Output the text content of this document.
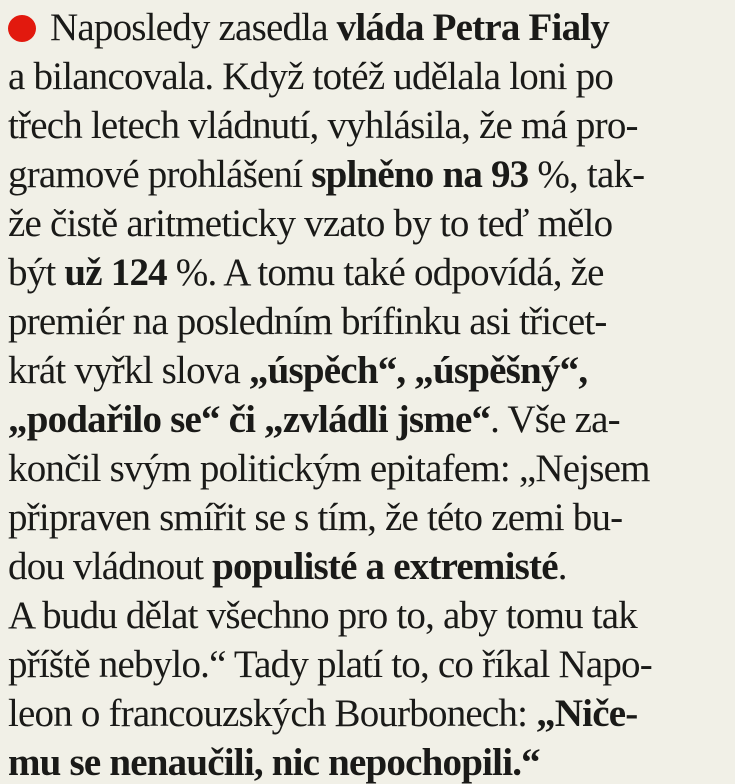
Naposledy zasedla vláda Petra Fialy
a bilancovala. Když totéž udělala loni po
třech letech vládnutí, vyhlásila, že má pro-
gramové prohlášení splněno na 93 %, tak-
že čistě aritmeticky vzato by to teď mělo
být už 124 %. A tomu také odpovídá, že
premiér na posledním brífinku asi třicet-
krát vyřkl slova „úspěch“, „úspěšný“,
„podařilo se“ či „zvládli jsme“. Vše za-
končil svým politickým epitafem: „Nejsem
připraven smířit se s tím, že této zemi bu-
dou vládnout populisté a extremisté.
A budu dělat všechno pro to, aby tomu tak
příště nebylo.“ Tady platí to, co říkal Napo-
leon o francouzských Bourbonech: „Niče-
mu se nenaučili, nic nepochopili.“
